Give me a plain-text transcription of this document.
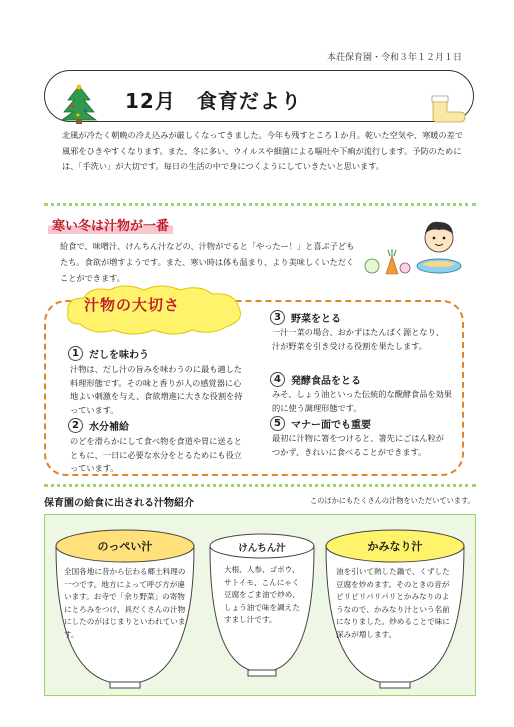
本荘保育園・令和３年１２月１日
12月　食育だより
北風が冷たく朝晩の冷え込みが厳しくなってきました。今年も残すところ１か月。乾いた空気や、寒暖の差で風邪をひきやすくなります。また、冬に多い、ウイルスや細菌による嘔吐や下痢が流行します。予防のためには、「手洗い」が大切です。毎日の生活の中で身につくようにしていきたいと思います。
寒い冬は汁物が一番
給食で、味噌汁、けんちん汁などの、汁物がでると「やったー！」と喜ぶ子どもたち。食欲が増すようです。また、寒い時は体も温まり、より美味しくいただくことができます。
汁物の大切さ
1	だしを味わう
汁物は、だし汁の旨みを味わうのに最も適した料理形態です。その味と香りが人の感覚器に心地よい刺激を与え、食欲増進に大きな役割を持っています。
2	水分補給
のどを滑らかにして食べ物を食道や胃に送るとともに、一日に必要な水分をとるためにも役立っています。
3	野菜をとる
一汁一菜の場合、おかずはたんぱく源となり、汁が野菜を引き受ける役割を果たします。
4	発酵食品をとる
みそ、しょう油といった伝統的な醗酵食品を効果的に使う調理形態です。
5	マナー面でも重要
最初に汁物に箸をつけると、箸先にごはん粒がつかず、きれいに食べることができます。
保育園の給食に出される汁物紹介	このほかにもたくさんの汁物をいただいています。
のっぺい汁
全国各地に昔から伝わる郷土料理の一つです。地方によって呼び方が違います。お寺で「余り野菜」の寄物にとろみをつけ、具だくさんの汁物にしたのがはじまりといわれています。
けんちん汁
大根、人参、ゴボウ、サトイモ、こんにゃく豆腐をごま油で炒め、しょう油で味を調えたすまし汁です。
かみなり汁
油を引いて熱した鍋で、くずした豆腐を炒めます。そのときの音がピリピリパリパリとかみなりのようなので、かみなり汁という名前になりました。炒めることで味に深みが増します。
